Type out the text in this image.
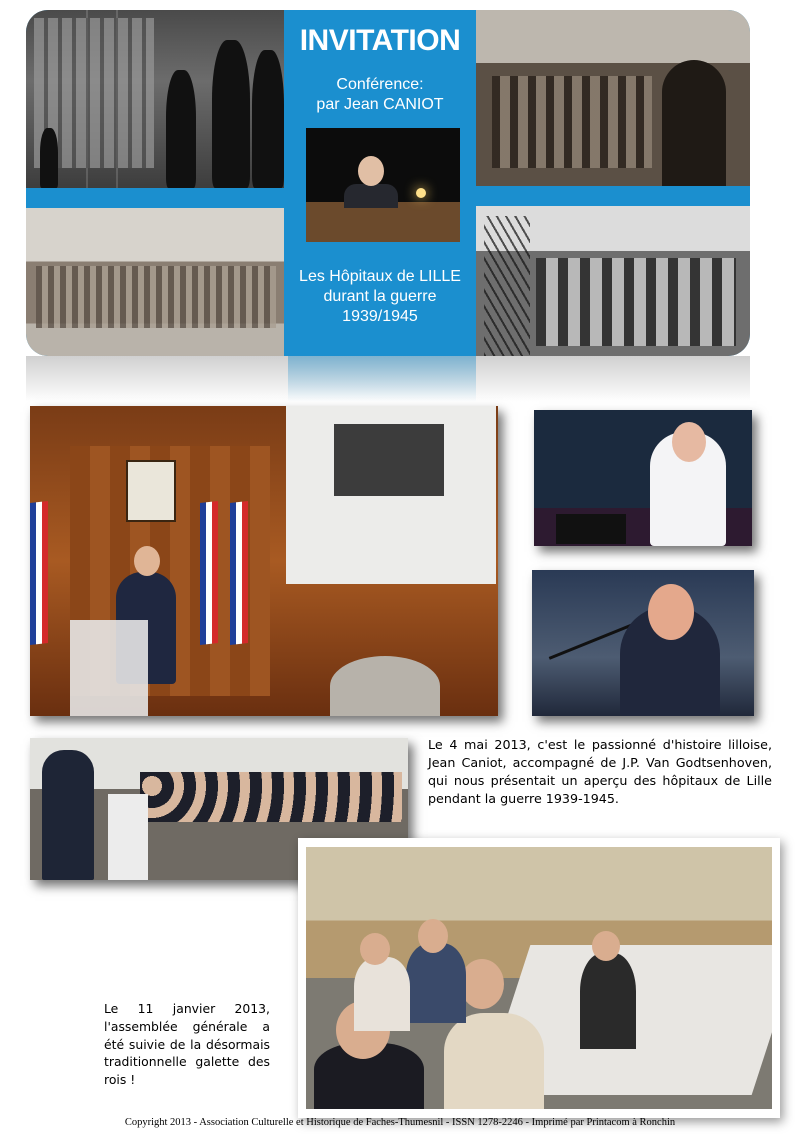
INVITATION
Conférence:
par Jean CANIOT
Les Hôpitaux de LILLE
durant la guerre
1939/1945
Le 4 mai 2013, c'est le passionné d'histoire lilloise, Jean Caniot, accompagné de J.P. Van Godtsenhoven, qui nous présentait un aperçu des hôpitaux de Lille pendant la guerre 1939-1945.
Le 11 janvier 2013, l'assemblée générale a été suivie de la désormais traditionnelle galette des rois !
Copyright 2013 - Association Culturelle et Historique de Faches-Thumesnil - ISSN 1278-2246 - Imprimé par Printacom à Ronchin
